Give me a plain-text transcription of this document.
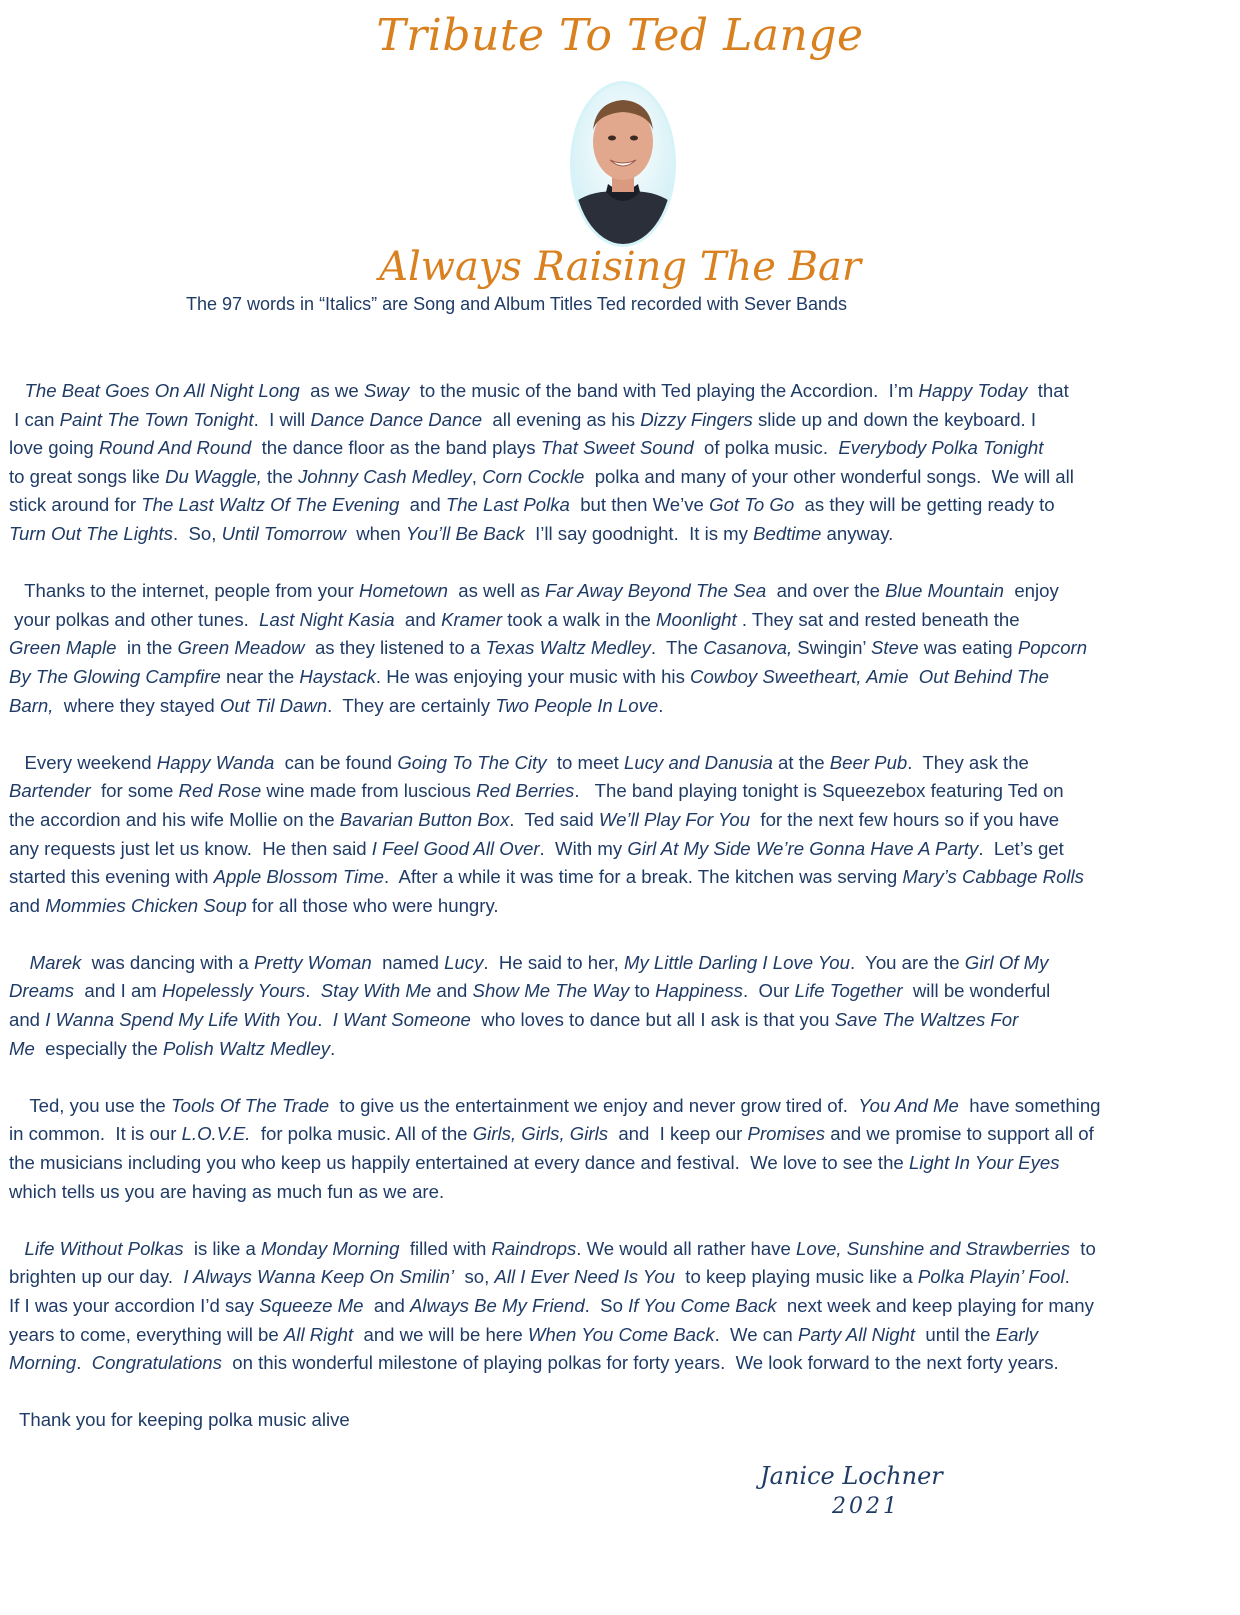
Tribute To Ted Lange
Always Raising The Bar
The 97 words in “Italics” are Song and Album Titles Ted recorded with Sever Bands
The Beat Goes On All Night Long  as we Sway  to the music of the band with Ted playing the Accordion.  I’m Happy Today  that
I can Paint The Town Tonight.  I will Dance Dance Dance  all evening as his Dizzy Fingers slide up and down the keyboard. I
love going Round And Round  the dance floor as the band plays That Sweet Sound  of polka music.  Everybody Polka Tonight
to great songs like Du Waggle, the Johnny Cash Medley, Corn Cockle  polka and many of your other wonderful songs.  We will all
stick around for The Last Waltz Of The Evening  and The Last Polka  but then We’ve Got To Go  as they will be getting ready to
Turn Out The Lights.  So, Until Tomorrow  when You’ll Be Back  I’ll say goodnight.  It is my Bedtime anyway.
Thanks to the internet, people from your Hometown  as well as Far Away Beyond The Sea  and over the Blue Mountain  enjoy
your polkas and other tunes.  Last Night Kasia  and Kramer took a walk in the Moonlight . They sat and rested beneath the
Green Maple  in the Green Meadow  as they listened to a Texas Waltz Medley.  The Casanova, Swingin’ Steve was eating Popcorn
By The Glowing Campfire near the Haystack. He was enjoying your music with his Cowboy Sweetheart, Amie  Out Behind The
Barn,  where they stayed Out Til Dawn.  They are certainly Two People In Love.
Every weekend Happy Wanda  can be found Going To The City  to meet Lucy and Danusia at the Beer Pub.  They ask the
Bartender  for some Red Rose wine made from luscious Red Berries.   The band playing tonight is Squeezebox featuring Ted on
the accordion and his wife Mollie on the Bavarian Button Box.  Ted said We’ll Play For You  for the next few hours so if you have
any requests just let us know.  He then said I Feel Good All Over.  With my Girl At My Side We’re Gonna Have A Party.  Let’s get
started this evening with Apple Blossom Time.  After a while it was time for a break. The kitchen was serving Mary’s Cabbage Rolls
and Mommies Chicken Soup for all those who were hungry.
Marek  was dancing with a Pretty Woman  named Lucy.  He said to her, My Little Darling I Love You.  You are the Girl Of My
Dreams  and I am Hopelessly Yours.  Stay With Me and Show Me The Way to Happiness.  Our Life Together  will be wonderful
and I Wanna Spend My Life With You.  I Want Someone  who loves to dance but all I ask is that you Save The Waltzes For
Me  especially the Polish Waltz Medley.
Ted, you use the Tools Of The Trade  to give us the entertainment we enjoy and never grow tired of.  You And Me  have something
in common.  It is our L.O.V.E.  for polka music. All of the Girls, Girls, Girls  and  I keep our Promises and we promise to support all of
the musicians including you who keep us happily entertained at every dance and festival.  We love to see the Light In Your Eyes
which tells us you are having as much fun as we are.
Life Without Polkas  is like a Monday Morning  filled with Raindrops. We would all rather have Love, Sunshine and Strawberries  to
brighten up our day.  I Always Wanna Keep On Smilin’  so, All I Ever Need Is You  to keep playing music like a Polka Playin’ Fool.
If I was your accordion I’d say Squeeze Me  and Always Be My Friend.  So If You Come Back  next week and keep playing for many
years to come, everything will be All Right  and we will be here When You Come Back.  We can Party All Night  until the Early
Morning.  Congratulations  on this wonderful milestone of playing polkas for forty years.  We look forward to the next forty years.
Thank you for keeping polka music alive
Janice Lochner
2021
